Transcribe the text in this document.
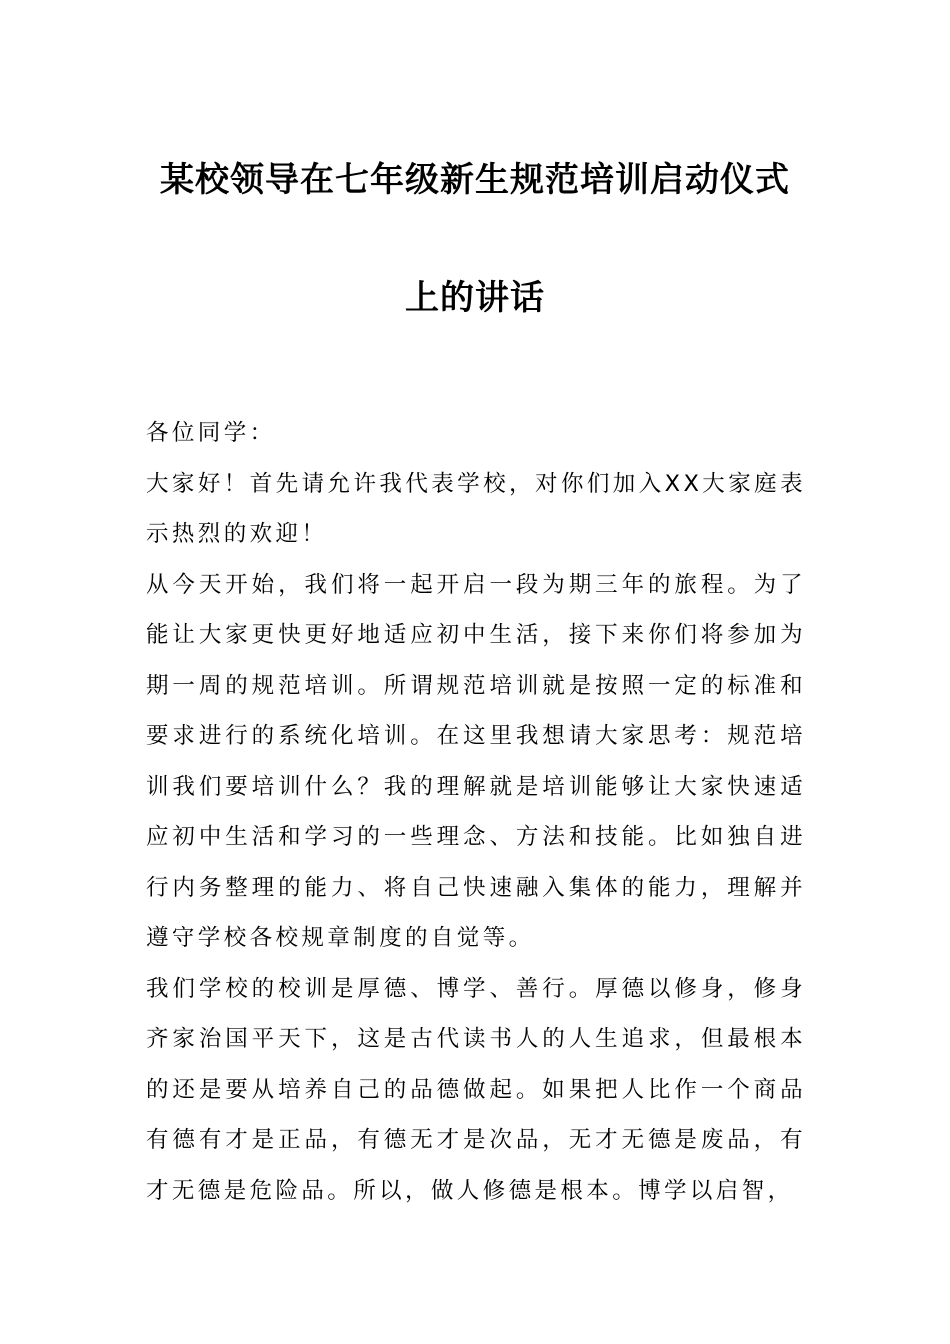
某校领导在七年级新生规范培训启动仪式
上的讲话

各位同学：

大家好！首先请允许我代表学校，对你们加入XX大家庭表示热烈的欢迎！

从今天开始，我们将一起开启一段为期三年的旅程。为了能让大家更快更好地适应初中生活，接下来你们将参加为期一周的规范培训。所谓规范培训就是按照一定的标准和要求进行的系统化培训。在这里我想请大家思考：规范培训我们要培训什么？我的理解就是培训能够让大家快速适应初中生活和学习的一些理念、方法和技能。比如独自进行内务整理的能力、将自己快速融入集体的能力，理解并遵守学校各校规章制度的自觉等。

我们学校的校训是厚德、博学、善行。厚德以修身，修身齐家治国平天下，这是古代读书人的人生追求，但最根本的还是要从培养自己的品德做起。如果把人比作一个商品有德有才是正品，有德无才是次品，无才无德是废品，有才无德是危险品。所以，做人修德是根本。博学以启智，
